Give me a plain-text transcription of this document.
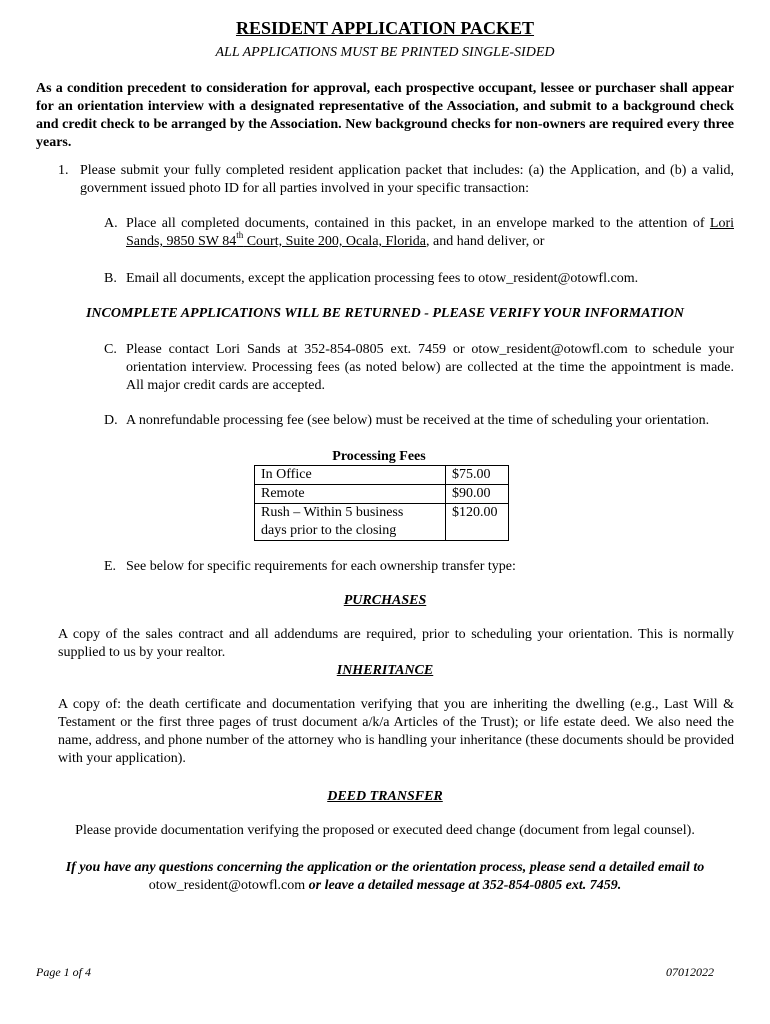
RESIDENT APPLICATION PACKET
ALL APPLICATIONS MUST BE PRINTED SINGLE-SIDED
As a condition precedent to consideration for approval, each prospective occupant, lessee or purchaser shall appear for an orientation interview with a designated representative of the Association, and submit to a background check and credit check to be arranged by the Association. New background checks for non-owners are required every three years.
1. Please submit your fully completed resident application packet that includes: (a) the Application, and (b) a valid, government issued photo ID for all parties involved in your specific transaction:
A. Place all completed documents, contained in this packet, in an envelope marked to the attention of Lori Sands, 9850 SW 84th Court, Suite 200, Ocala, Florida, and hand deliver, or
B. Email all documents, except the application processing fees to otow_resident@otowfl.com.
INCOMPLETE APPLICATIONS WILL BE RETURNED - PLEASE VERIFY YOUR INFORMATION
C. Please contact Lori Sands at 352-854-0805 ext. 7459 or otow_resident@otowfl.com to schedule your orientation interview. Processing fees (as noted below) are collected at the time the appointment is made. All major credit cards are accepted.
D. A nonrefundable processing fee (see below) must be received at the time of scheduling your orientation.
Processing Fees
In Office	$75.00
Remote	$90.00
Rush – Within 5 business
days prior to the closing	$120.00
E. See below for specific requirements for each ownership transfer type:
PURCHASES
A copy of the sales contract and all addendums are required, prior to scheduling your orientation. This is normally supplied to us by your realtor.
INHERITANCE
A copy of: the death certificate and documentation verifying that you are inheriting the dwelling (e.g., Last Will & Testament or the first three pages of trust document a/k/a Articles of the Trust); or life estate deed. We also need the name, address, and phone number of the attorney who is handling your inheritance (these documents should be provided with your application).
DEED TRANSFER
Please provide documentation verifying the proposed or executed deed change (document from legal counsel).
If you have any questions concerning the application or the orientation process, please send a detailed email to
otow_resident@otowfl.com or leave a detailed message at 352-854-0805 ext. 7459.
Page 1 of 4	07012022
